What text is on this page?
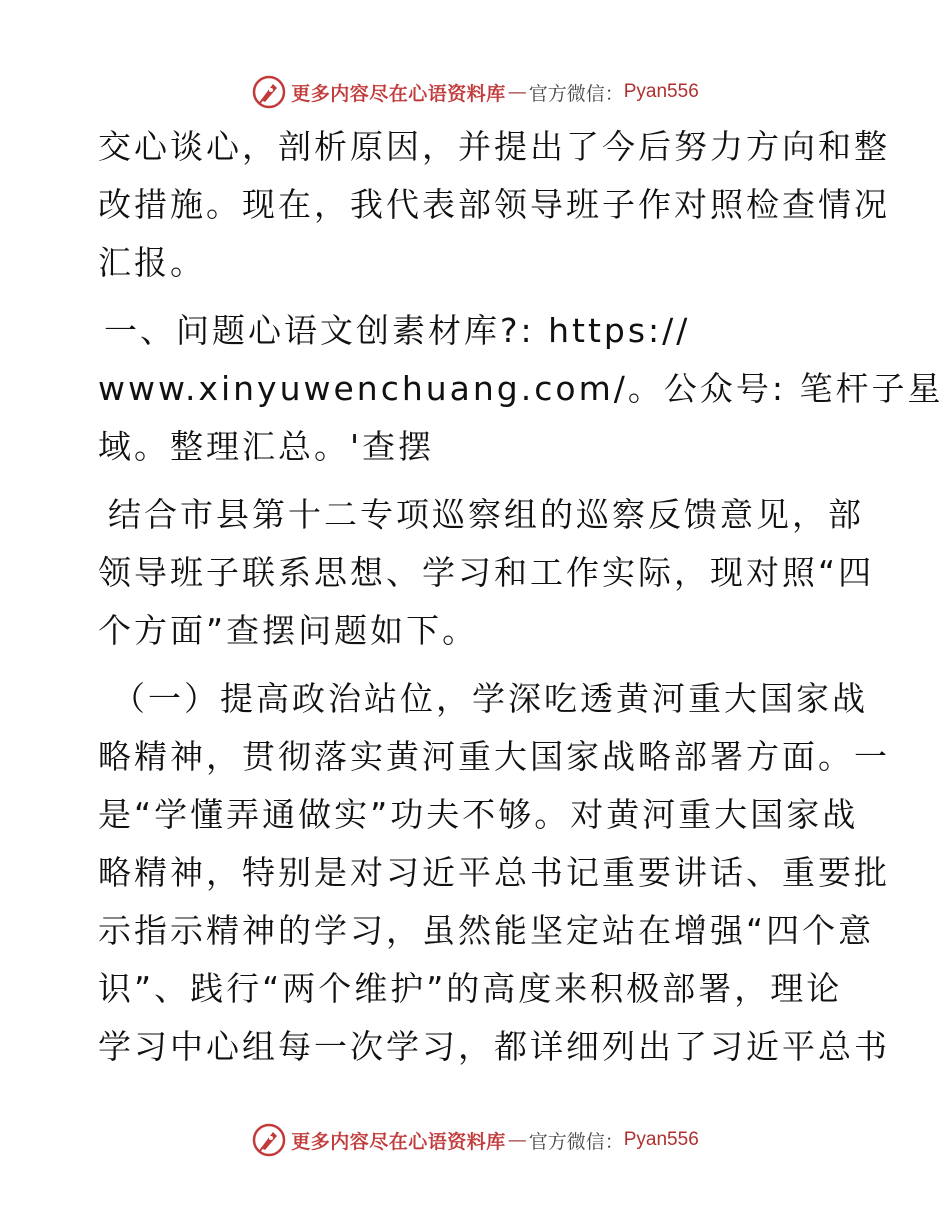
更多内容尽在心语资料库 — 官方微信： Pyan556

交心谈心，剖析原因，并提出了今后努力方向和整

改措施。现在，我代表部领导班子作对照检查情况

汇报。

一、问题心语文创素材库?: https://

www.xinyuwenchuang.com/。公众号: 笔杆子星

域。整理汇总。'查摆

结合市县第十二专项巡察组的巡察反馈意见，部

领导班子联系思想、学习和工作实际，现对照“四

个方面”查摆问题如下。

（一）提高政治站位，学深吃透黄河重大国家战

略精神，贯彻落实黄河重大国家战略部署方面。一

是“学懂弄通做实”功夫不够。对黄河重大国家战

略精神，特别是对习近平总书记重要讲话、重要批

示指示精神的学习，虽然能坚定站在增强“四个意

识”、践行“两个维护”的高度来积极部署，理论

学习中心组每一次学习，都详细列出了习近平总书

更多内容尽在心语资料库 — 官方微信： Pyan556
